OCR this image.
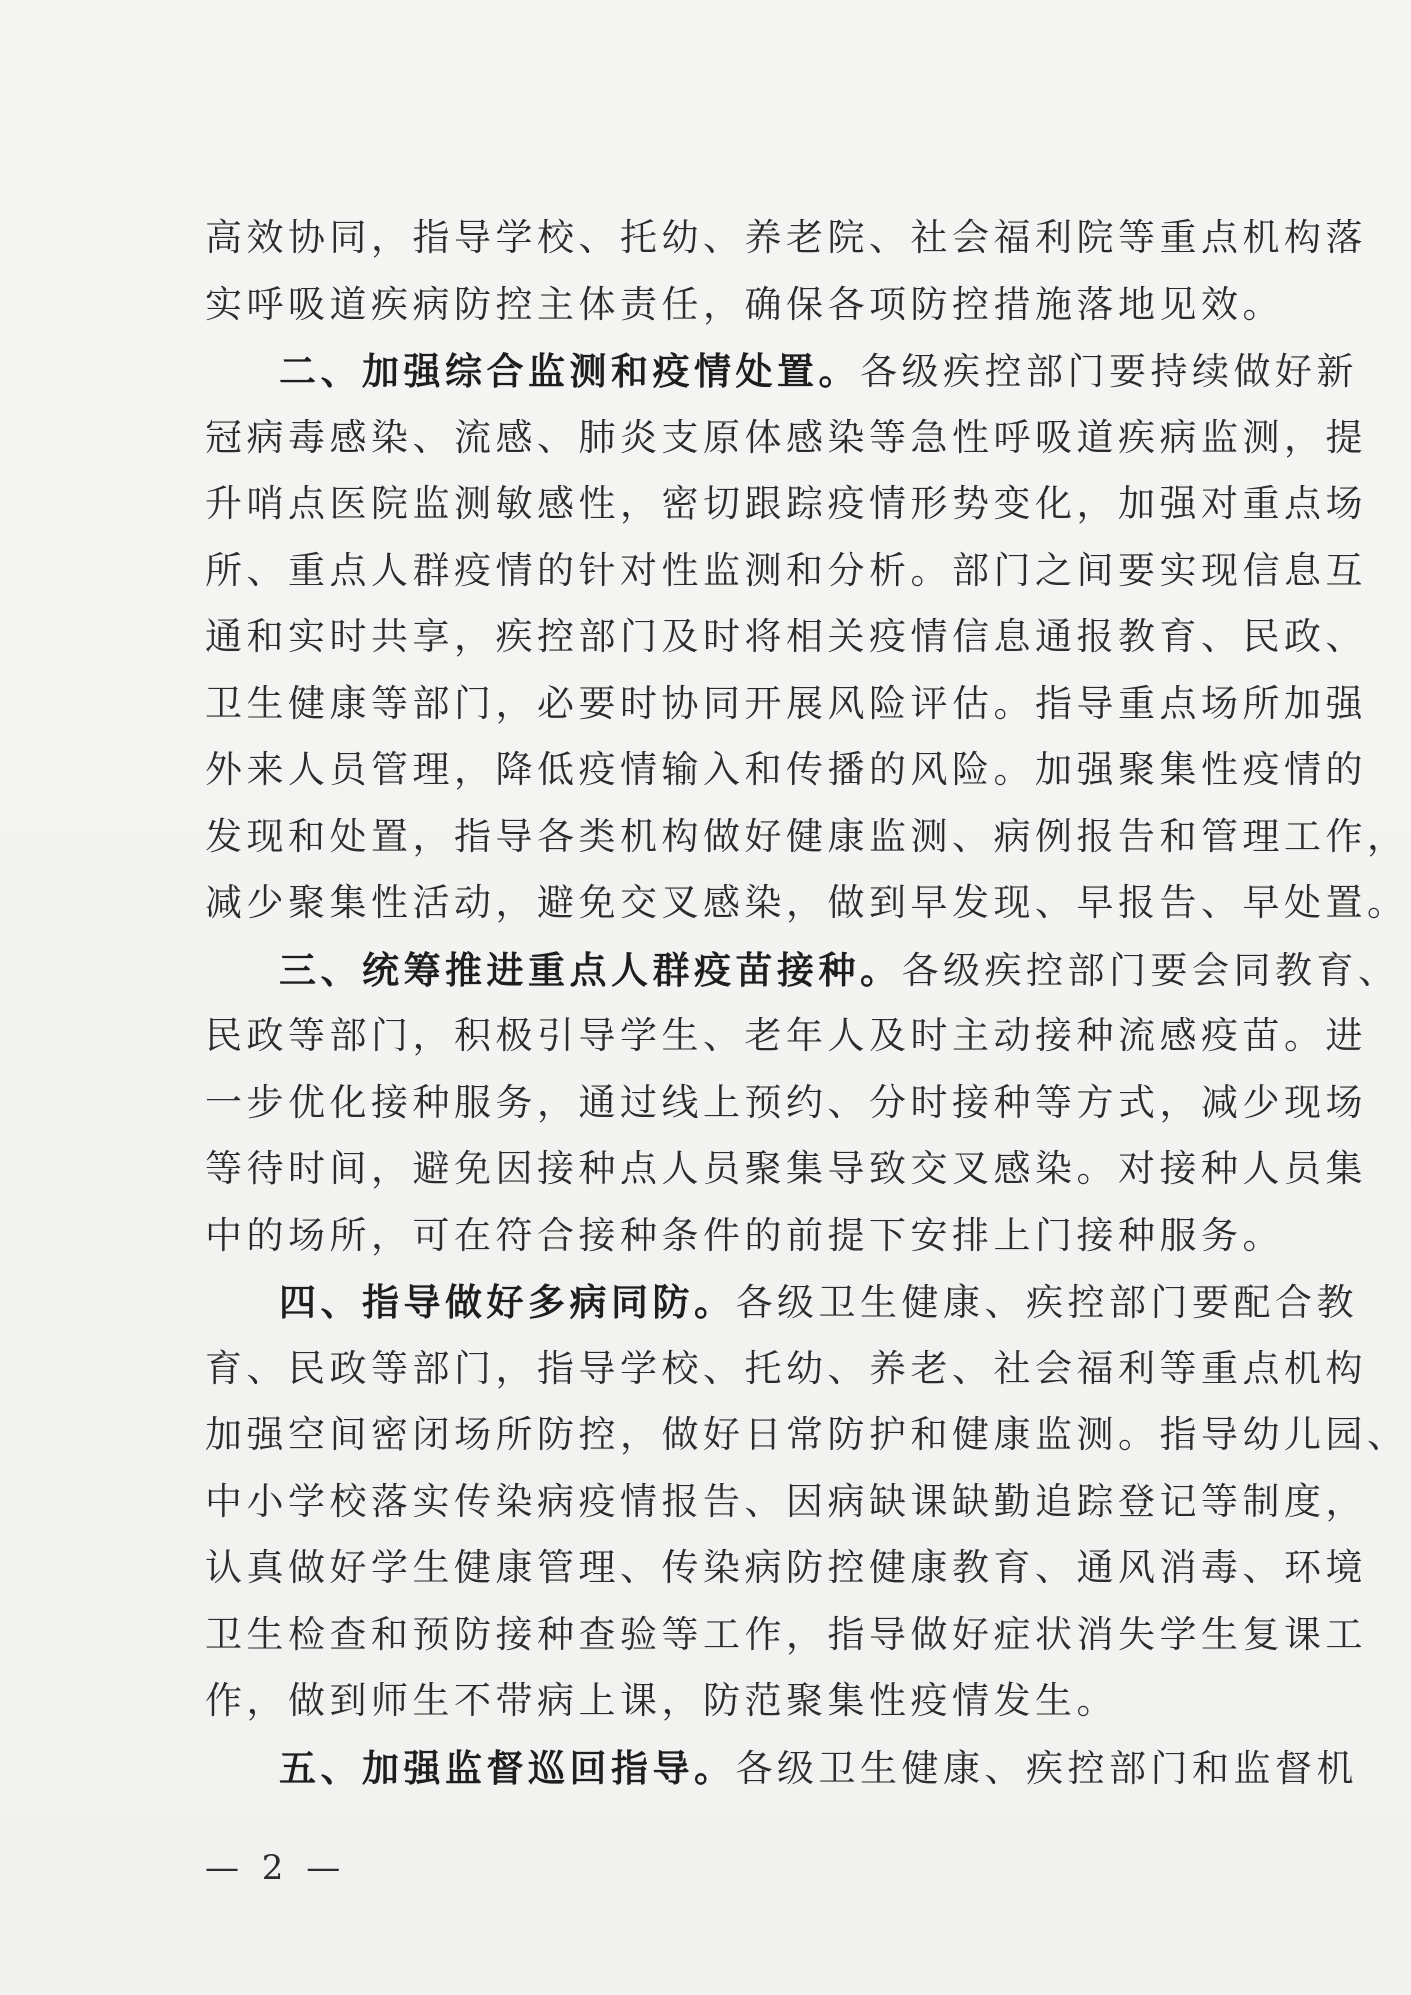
高效协同，指导学校、托幼、养老院、社会福利院等重点机构落
实呼吸道疾病防控主体责任，确保各项防控措施落地见效。
二、加强综合监测和疫情处置。各级疾控部门要持续做好新
冠病毒感染、流感、肺炎支原体感染等急性呼吸道疾病监测，提
升哨点医院监测敏感性，密切跟踪疫情形势变化，加强对重点场
所、重点人群疫情的针对性监测和分析。部门之间要实现信息互
通和实时共享，疾控部门及时将相关疫情信息通报教育、民政、
卫生健康等部门，必要时协同开展风险评估。指导重点场所加强
外来人员管理，降低疫情输入和传播的风险。加强聚集性疫情的
发现和处置，指导各类机构做好健康监测、病例报告和管理工作，
减少聚集性活动，避免交叉感染，做到早发现、早报告、早处置。
三、统筹推进重点人群疫苗接种。各级疾控部门要会同教育、
民政等部门，积极引导学生、老年人及时主动接种流感疫苗。进
一步优化接种服务，通过线上预约、分时接种等方式，减少现场
等待时间，避免因接种点人员聚集导致交叉感染。对接种人员集
中的场所，可在符合接种条件的前提下安排上门接种服务。
四、指导做好多病同防。各级卫生健康、疾控部门要配合教
育、民政等部门，指导学校、托幼、养老、社会福利等重点机构
加强空间密闭场所防控，做好日常防护和健康监测。指导幼儿园、
中小学校落实传染病疫情报告、因病缺课缺勤追踪登记等制度，
认真做好学生健康管理、传染病防控健康教育、通风消毒、环境
卫生检查和预防接种查验等工作，指导做好症状消失学生复课工
作，做到师生不带病上课，防范聚集性疫情发生。
五、加强监督巡回指导。各级卫生健康、疾控部门和监督机
— 2 —
